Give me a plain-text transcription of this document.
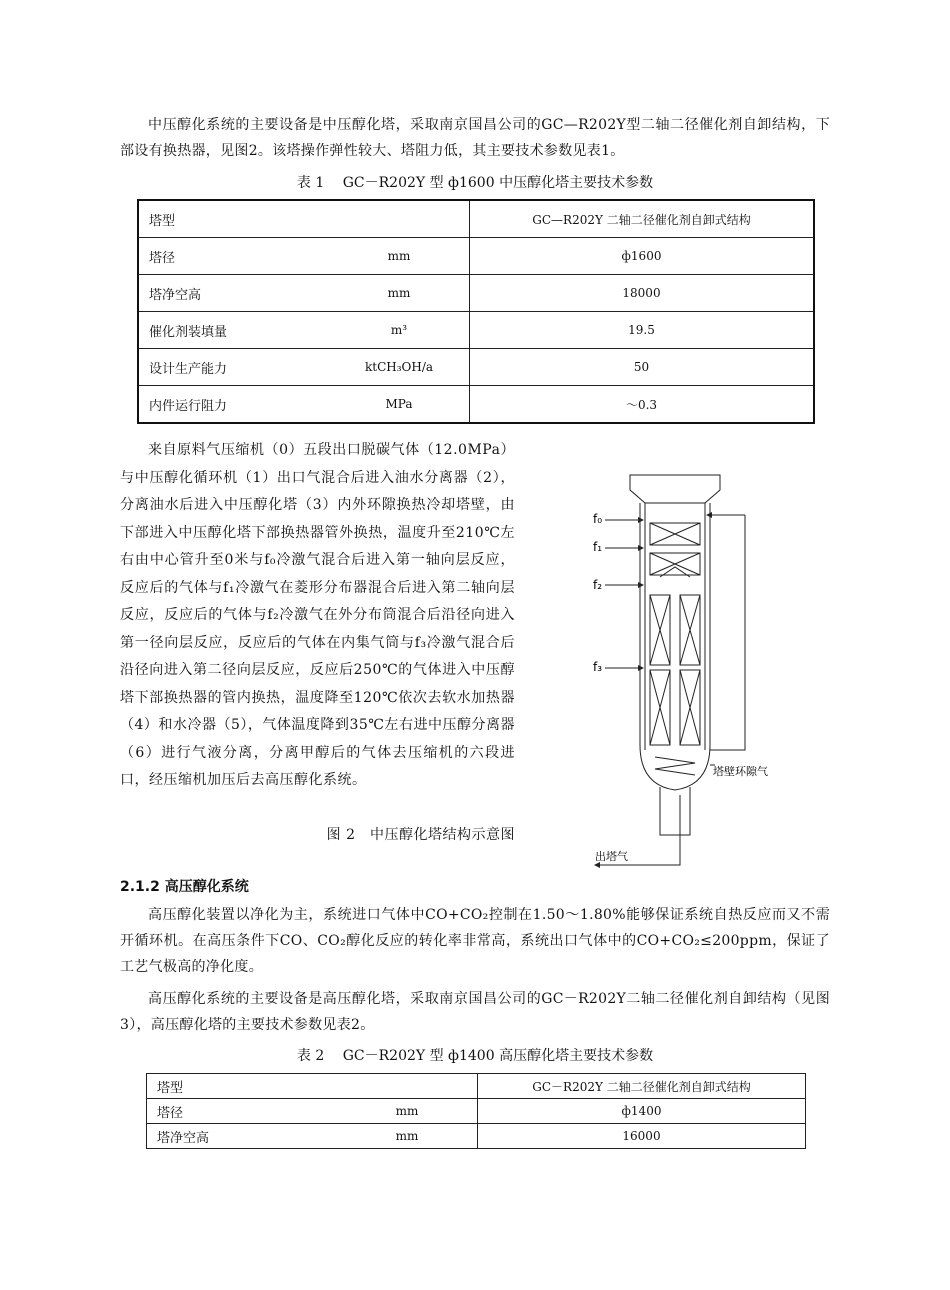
中压醇化系统的主要设备是中压醇化塔，采取南京国昌公司的GC—R202Y型二轴二径催化剂自卸结构，下部设有换热器，见图2。该塔操作弹性较大、塔阻力低，其主要技术参数见表1。

表 1　 GC－R202Y 型 ф1600 中压醇化塔主要技术参数
塔型		GC—R202Y 二轴二径催化剂自卸式结构
塔径	mm	ф1600
塔净空高	mm	18000
催化剂装填量	m³	19.5
设计生产能力	ktCH₃OH/a	50
内件运行阻力	MPa	～0.3

来自原料气压缩机（0）五段出口脱碳气体（12.0MPa）与中压醇化循环机（1）出口气混合后进入油水分离器（2），分离油水后进入中压醇化塔（3）内外环隙换热冷却塔壁，由下部进入中压醇化塔下部换热器管外换热，温度升至210℃左右由中心管升至0米与f₀冷激气混合后进入第一轴向层反应，反应后的气体与f₁冷激气在菱形分布器混合后进入第二轴向层反应，反应后的气体与f₂冷激气在外分布筒混合后沿径向进入第一径向层反应，反应后的气体在内集气筒与f₃冷激气混合后沿径向进入第二径向层反应，反应后250℃的气体进入中压醇塔下部换热器的管内换热，温度降至120℃依次去软水加热器（4）和水冷器（5），气体温度降到35℃左右进中压醇分离器（6）进行气液分离，分离甲醇后的气体去压缩机的六段进口，经压缩机加压后去高压醇化系统。

图 2　中压醇化塔结构示意图
f₀
f₁
f₂
f₃
塔壁环隙气
出塔气
2.1.2 高压醇化系统

高压醇化装置以净化为主，系统进口气体中CO+CO₂控制在1.50～1.80%能够保证系统自热反应而又不需开循环机。在高压条件下CO、CO₂醇化反应的转化率非常高，系统出口气体中的CO+CO₂≤200ppm，保证了工艺气极高的净化度。

高压醇化系统的主要设备是高压醇化塔，采取南京国昌公司的GC－R202Y二轴二径催化剂自卸结构（见图3），高压醇化塔的主要技术参数见表2。

表 2　 GC－R202Y 型 ф1400 高压醇化塔主要技术参数
塔型		GC－R202Y 二轴二径催化剂自卸式结构
塔径	mm	ф1400
塔净空高	mm	16000
